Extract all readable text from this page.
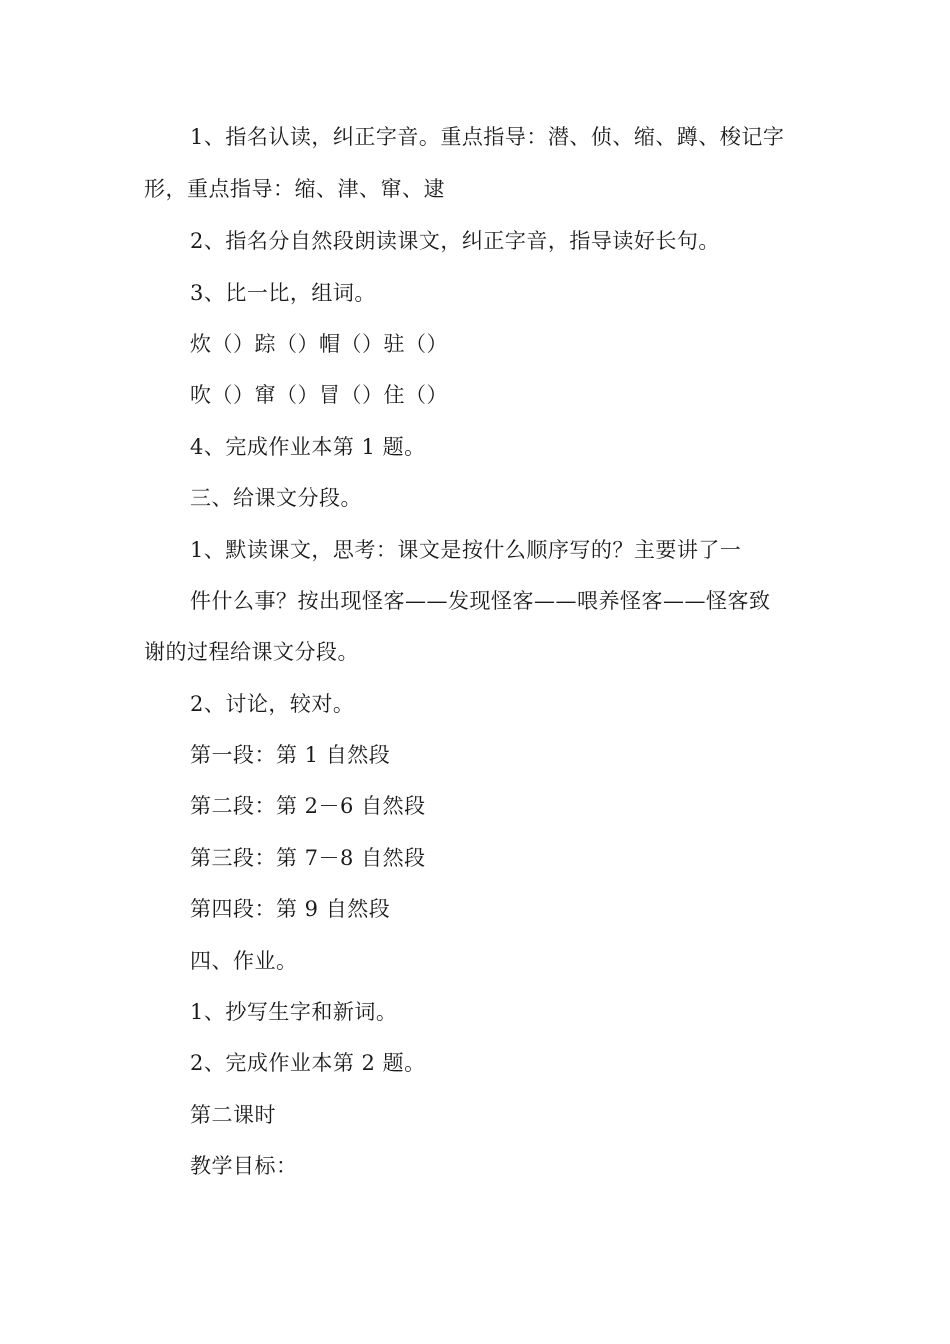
1、指名认读，纠正字音。重点指导：潜、侦、缩、蹲、梭记字
形，重点指导：缩、津、窜、逮
2、指名分自然段朗读课文，纠正字音，指导读好长句。
3、比一比，组词。
炊（）踪（）帽（）驻（）
吹（）窜（）冒（）住（）
4、完成作业本第 1 题。
三、给课文分段。
1、默读课文，思考：课文是按什么顺序写的？主要讲了一
件什么事？按出现怪客——发现怪客——喂养怪客——怪客致
谢的过程给课文分段。
2、讨论，较对。
第一段：第 1 自然段
第二段：第 2－6 自然段
第三段：第 7－8 自然段
第四段：第 9 自然段
四、作业。
1、抄写生字和新词。
2、完成作业本第 2 题。
第二课时
教学目标：
